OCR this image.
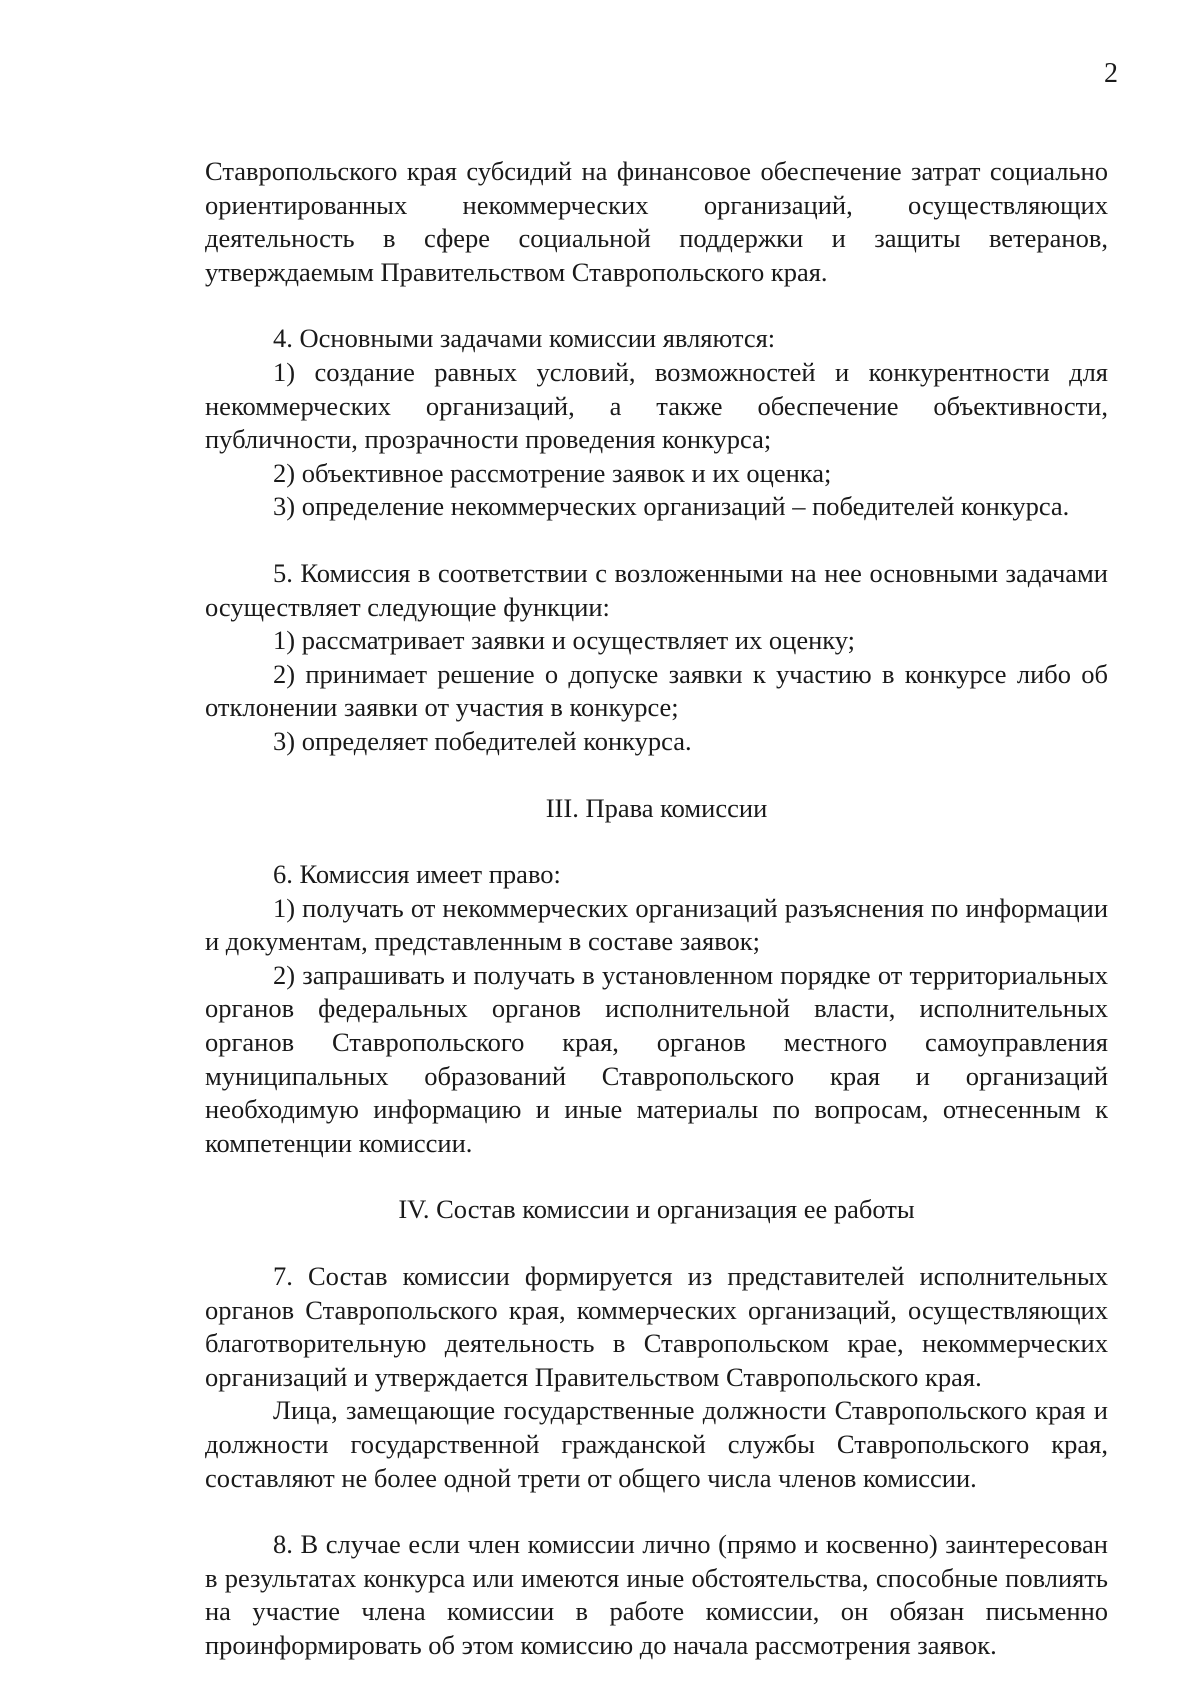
2

Ставропольского края субсидий на финансовое обеспечение затрат социально ориентированных некоммерческих организаций, осуществляющих деятельность в сфере социальной поддержки и защиты ветеранов, утверждаемым Правительством Ставропольского края.

4. Основными задачами комиссии являются:

1) создание равных условий, возможностей и конкурентности для некоммерческих организаций, а также обеспечение объективности, публичности, прозрачности проведения конкурса;

2) объективное рассмотрение заявок и их оценка;

3) определение некоммерческих организаций – победителей конкурса.

5. Комиссия в соответствии с возложенными на нее основными задачами осуществляет следующие функции:

1) рассматривает заявки и осуществляет их оценку;

2) принимает решение о допуске заявки к участию в конкурсе либо об отклонении заявки от участия в конкурсе;

3) определяет победителей конкурса.

III. Права комиссии

6. Комиссия имеет право:

1) получать от некоммерческих организаций разъяснения по информации и документам, представленным в составе заявок;

2) запрашивать и получать в установленном порядке от территориальных органов федеральных органов исполнительной власти, исполнительных органов Ставропольского края, органов местного самоуправления муниципальных образований Ставропольского края и организаций необходимую информацию и иные материалы по вопросам, отнесенным к компетенции комиссии.

IV. Состав комиссии и организация ее работы

7. Состав комиссии формируется из представителей исполнительных органов Ставропольского края, коммерческих организаций, осуществляющих благотворительную деятельность в Ставропольском крае, некоммерческих организаций и утверждается Правительством Ставропольского края.

Лица, замещающие государственные должности Ставропольского края и должности государственной гражданской службы Ставропольского края, составляют не более одной трети от общего числа членов комиссии.

8. В случае если член комиссии лично (прямо и косвенно) заинтересован в результатах конкурса или имеются иные обстоятельства, способные повлиять на участие члена комиссии в работе комиссии, он обязан письменно проинформировать об этом комиссию до начала рассмотрения заявок.
